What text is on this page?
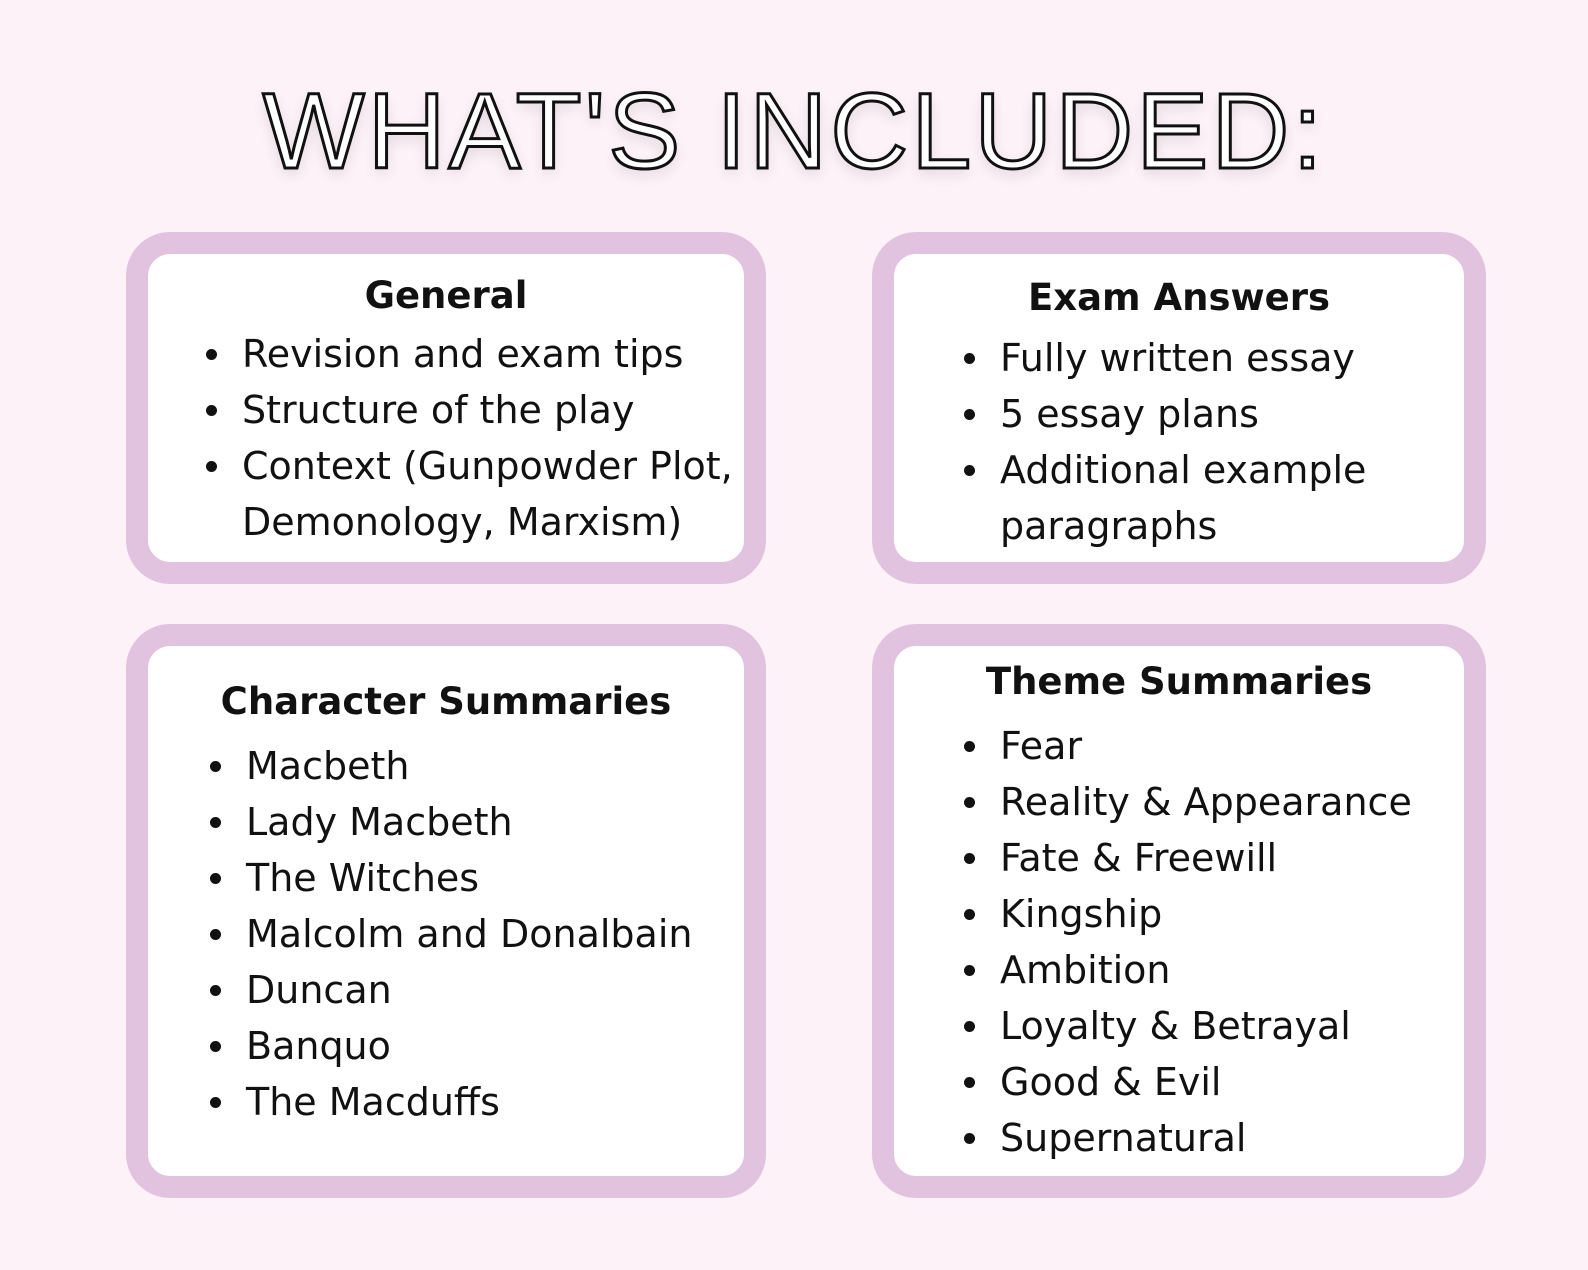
WHAT'S INCLUDED:
General
Revision and exam tips
Structure of the play
Context (Gunpowder Plot, Demonology, Marxism)
Exam Answers
Fully written essay
5 essay plans
Additional example paragraphs
Character Summaries
Macbeth
Lady Macbeth
The Witches
Malcolm and Donalbain
Duncan
Banquo
The Macduffs
Theme Summaries
Fear
Reality & Appearance
Fate & Freewill
Kingship
Ambition
Loyalty & Betrayal
Good & Evil
Supernatural
